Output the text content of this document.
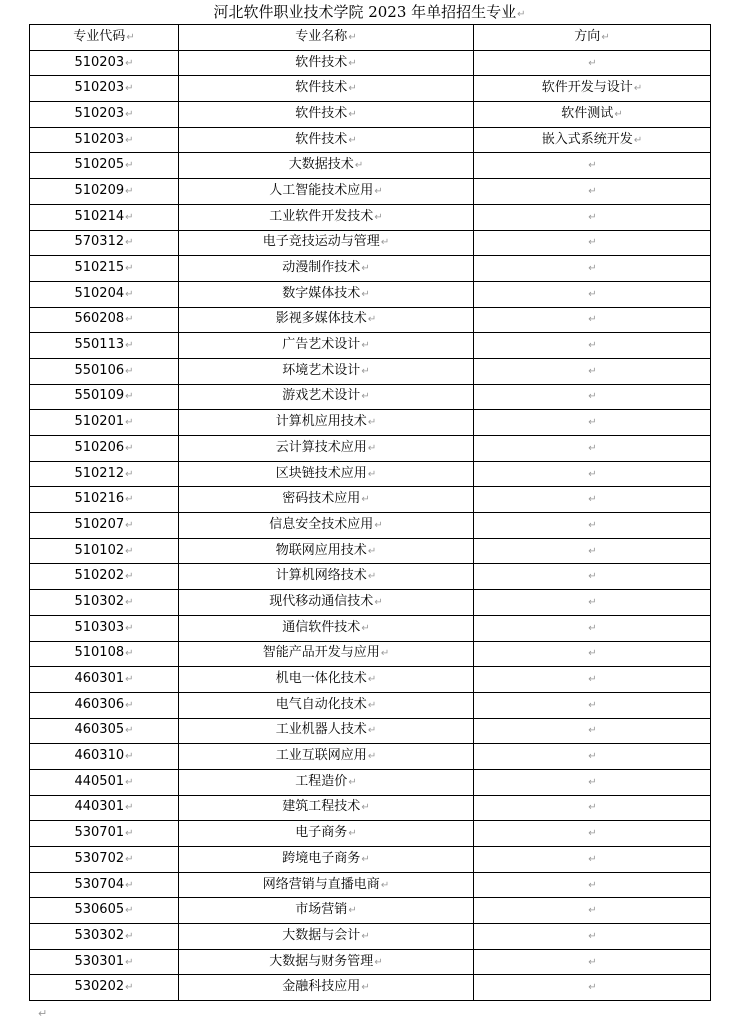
河北软件职业技术学院 2023 年单招招生专业↵
专业代码↵	专业名称↵	方向↵
510203↵	软件技术↵	↵
510203↵	软件技术↵	软件开发与设计↵
510203↵	软件技术↵	软件测试↵
510203↵	软件技术↵	嵌入式系统开发↵
510205↵	大数据技术↵	↵
510209↵	人工智能技术应用↵	↵
510214↵	工业软件开发技术↵	↵
570312↵	电子竞技运动与管理↵	↵
510215↵	动漫制作技术↵	↵
510204↵	数字媒体技术↵	↵
560208↵	影视多媒体技术↵	↵
550113↵	广告艺术设计↵	↵
550106↵	环境艺术设计↵	↵
550109↵	游戏艺术设计↵	↵
510201↵	计算机应用技术↵	↵
510206↵	云计算技术应用↵	↵
510212↵	区块链技术应用↵	↵
510216↵	密码技术应用↵	↵
510207↵	信息安全技术应用↵	↵
510102↵	物联网应用技术↵	↵
510202↵	计算机网络技术↵	↵
510302↵	现代移动通信技术↵	↵
510303↵	通信软件技术↵	↵
510108↵	智能产品开发与应用↵	↵
460301↵	机电一体化技术↵	↵
460306↵	电气自动化技术↵	↵
460305↵	工业机器人技术↵	↵
460310↵	工业互联网应用↵	↵
440501↵	工程造价↵	↵
440301↵	建筑工程技术↵	↵
530701↵	电子商务↵	↵
530702↵	跨境电子商务↵	↵
530704↵	网络营销与直播电商↵	↵
530605↵	市场营销↵	↵
530302↵	大数据与会计↵	↵
530301↵	大数据与财务管理↵	↵
530202↵	金融科技应用↵	↵
↵
